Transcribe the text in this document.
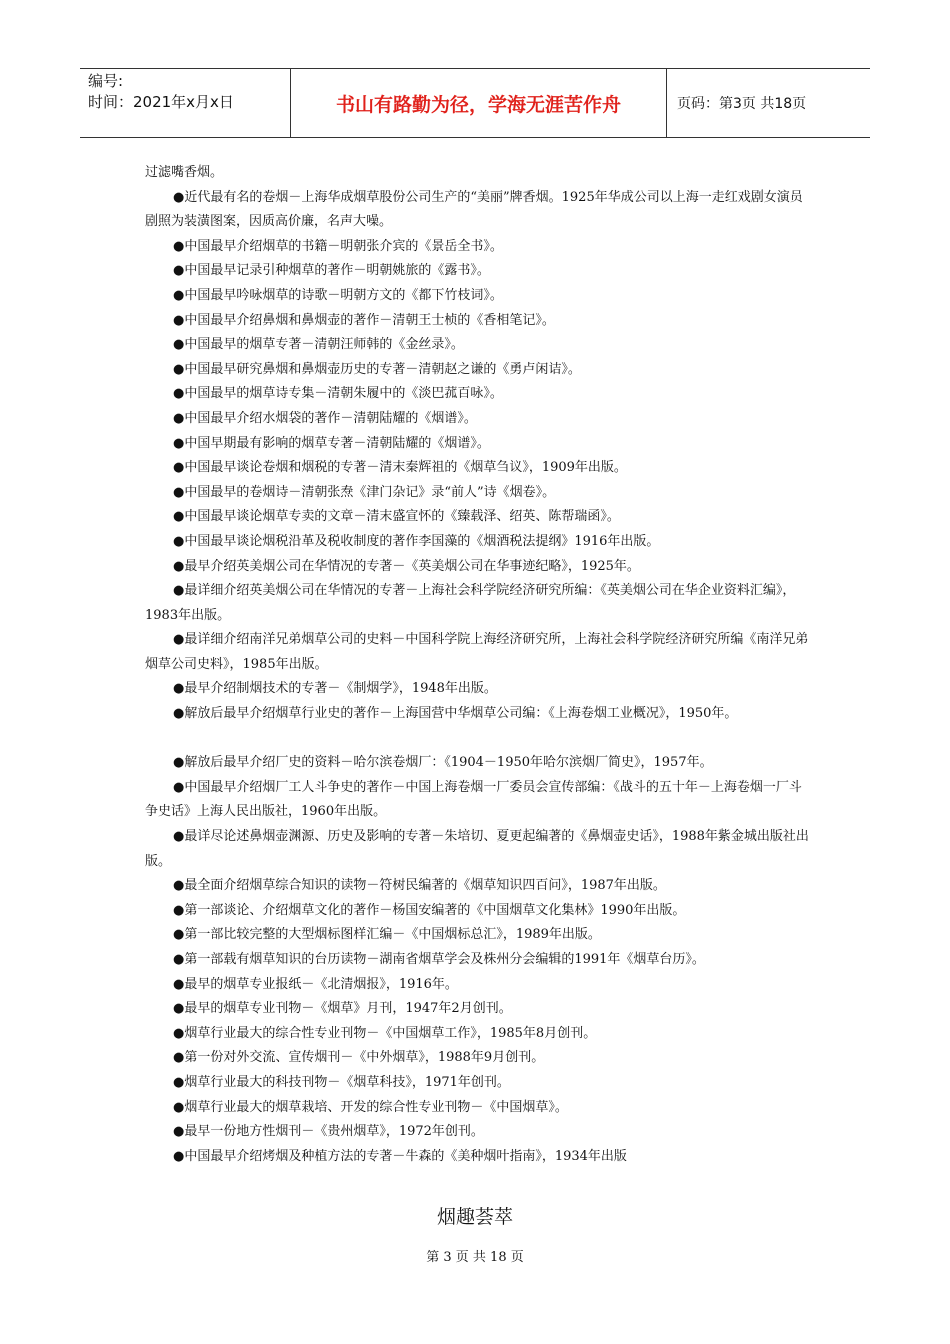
编号:
时间：2021年x月x日	书山有路勤为径，学海无涯苦作舟	页码：第3页 共18页

过滤嘴香烟。

●近代最有名的卷烟－上海华成烟草股份公司生产的“美丽”牌香烟。1925年华成公司以上海一走红戏剧女演员剧照为装潢图案，因质高价廉，名声大噪。

●中国最早介绍烟草的书籍－明朝张介宾的《景岳全书》。

●中国最早记录引种烟草的著作－明朝姚旅的《露书》。

●中国最早吟咏烟草的诗歌－明朝方文的《都下竹枝词》。

●中国最早介绍鼻烟和鼻烟壶的著作－清朝王士桢的《香相笔记》。

●中国最早的烟草专著－清朝汪师韩的《金丝录》。

●中国最早研究鼻烟和鼻烟壶历史的专著－清朝赵之谦的《勇卢闲诘》。

●中国最早的烟草诗专集－清朝朱履中的《淡巴菰百咏》。

●中国最早介绍水烟袋的著作－清朝陆耀的《烟谱》。

●中国早期最有影响的烟草专著－清朝陆耀的《烟谱》。

●中国最早谈论卷烟和烟税的专著－清末秦辉祖的《烟草刍议》，1909年出版。

●中国最早的卷烟诗－清朝张焘《津门杂记》录“前人”诗《烟卷》。

●中国最早谈论烟草专卖的文章－清末盛宣怀的《臻载泽、绍英、陈帮瑞函》。

●中国最早谈论烟税沿革及税收制度的著作李国藻的《烟酒税法提纲》1916年出版。

●最早介绍英美烟公司在华情况的专著－《英美烟公司在华事迹纪略》，1925年。

●最详细介绍英美烟公司在华情况的专著－上海社会科学院经济研究所编：《英美烟公司在华企业资料汇编》，1983年出版。

●最详细介绍南洋兄弟烟草公司的史料－中国科学院上海经济研究所，上海社会科学院经济研究所编《南洋兄弟烟草公司史料》，1985年出版。

●最早介绍制烟技术的专著－《制烟学》，1948年出版。

●解放后最早介绍烟草行业史的著作－上海国营中华烟草公司编：《上海卷烟工业概况》，1950年。

●解放后最早介绍厂史的资料－哈尔滨卷烟厂：《1904－1950年哈尔滨烟厂简史》，1957年。

●中国最早介绍烟厂工人斗争史的著作－中国上海卷烟一厂委员会宣传部编：《战斗的五十年－上海卷烟一厂斗争史话》上海人民出版社，1960年出版。

●最详尽论述鼻烟壶渊源、历史及影响的专著－朱培切、夏更起编著的《鼻烟壶史话》，1988年紫金城出版社出版。

●最全面介绍烟草综合知识的读物－符树民编著的《烟草知识四百问》，1987年出版。

●第一部谈论、介绍烟草文化的著作－杨国安编著的《中国烟草文化集林》1990年出版。

●第一部比较完整的大型烟标图样汇编－《中国烟标总汇》，1989年出版。

●第一部载有烟草知识的台历读物－湖南省烟草学会及株州分会编辑的1991年《烟草台历》。

●最早的烟草专业报纸－《北清烟报》，1916年。

●最早的烟草专业刊物－《烟草》月刊，1947年2月创刊。

●烟草行业最大的综合性专业刊物－《中国烟草工作》，1985年8月创刊。

●第一份对外交流、宣传烟刊－《中外烟草》，1988年9月创刊。

●烟草行业最大的科技刊物－《烟草科技》，1971年创刊。

●烟草行业最大的烟草栽培、开发的综合性专业刊物－《中国烟草》。

●最早一份地方性烟刊－《贵州烟草》，1972年创刊。

●中国最早介绍烤烟及种植方法的专著－牛森的《美种烟叶指南》，1934年出版

烟趣荟萃
第 3 页 共 18 页
